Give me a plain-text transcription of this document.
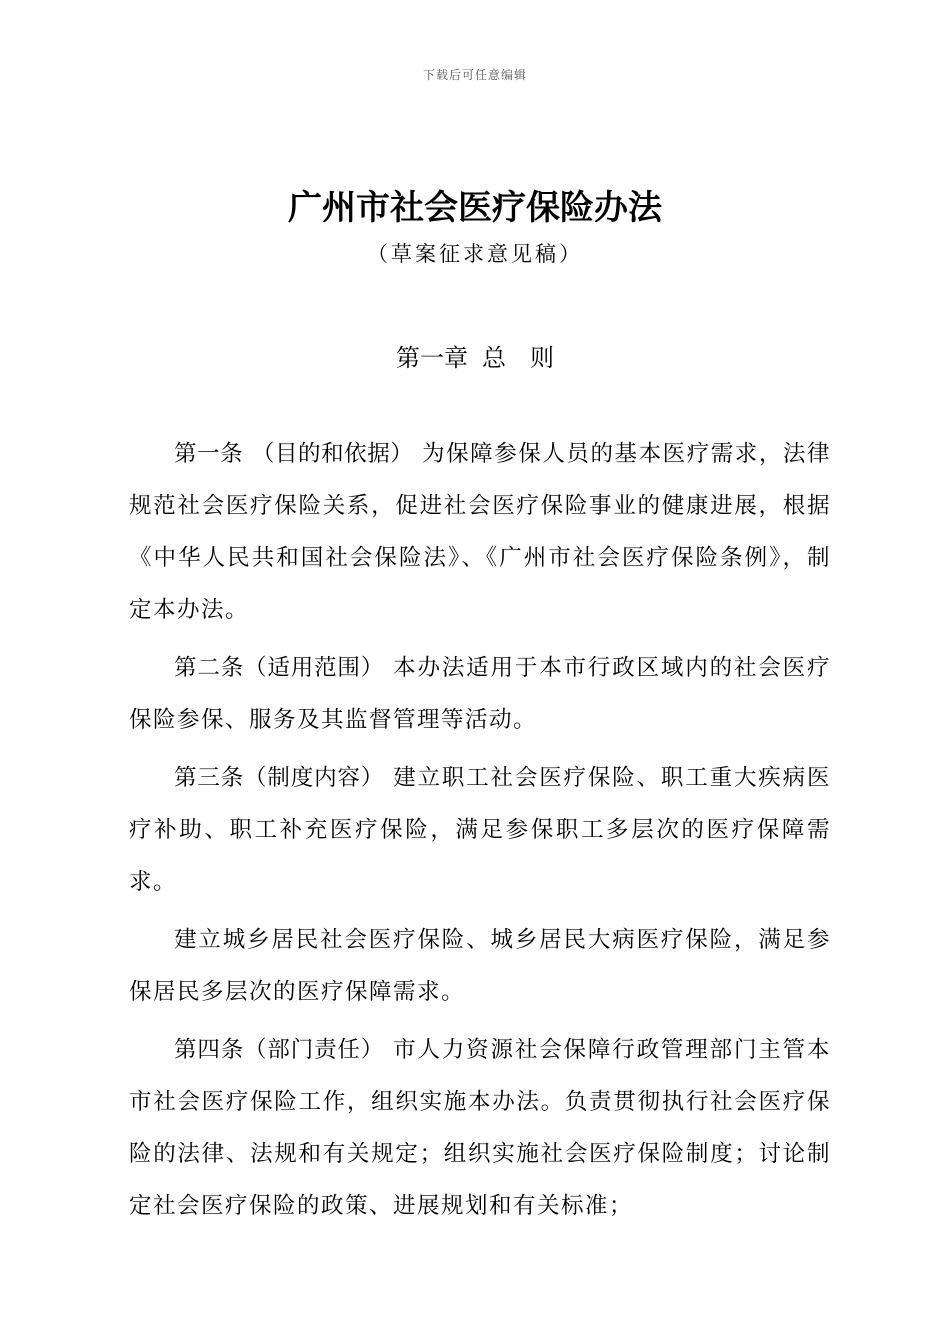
下载后可任意编辑
广州市社会医疗保险办法
（草案征求意见稿）
第一章 总　则

第一条 （目的和依据） 为保障参保人员的基本医疗需求，法律规范社会医疗保险关系，促进社会医疗保险事业的健康进展，根据《中华人民共和国社会保险法》、《广州市社会医疗保险条例》，制定本办法。

第二条（适用范围） 本办法适用于本市行政区域内的社会医疗保险参保、服务及其监督管理等活动。

第三条（制度内容） 建立职工社会医疗保险、职工重大疾病医疗补助、职工补充医疗保险，满足参保职工多层次的医疗保障需求。

建立城乡居民社会医疗保险、城乡居民大病医疗保险，满足参保居民多层次的医疗保障需求。

第四条（部门责任） 市人力资源社会保障行政管理部门主管本市社会医疗保险工作，组织实施本办法。负责贯彻执行社会医疗保险的法律、法规和有关规定；组织实施社会医疗保险制度；讨论制定社会医疗保险的政策、进展规划和有关标准；
